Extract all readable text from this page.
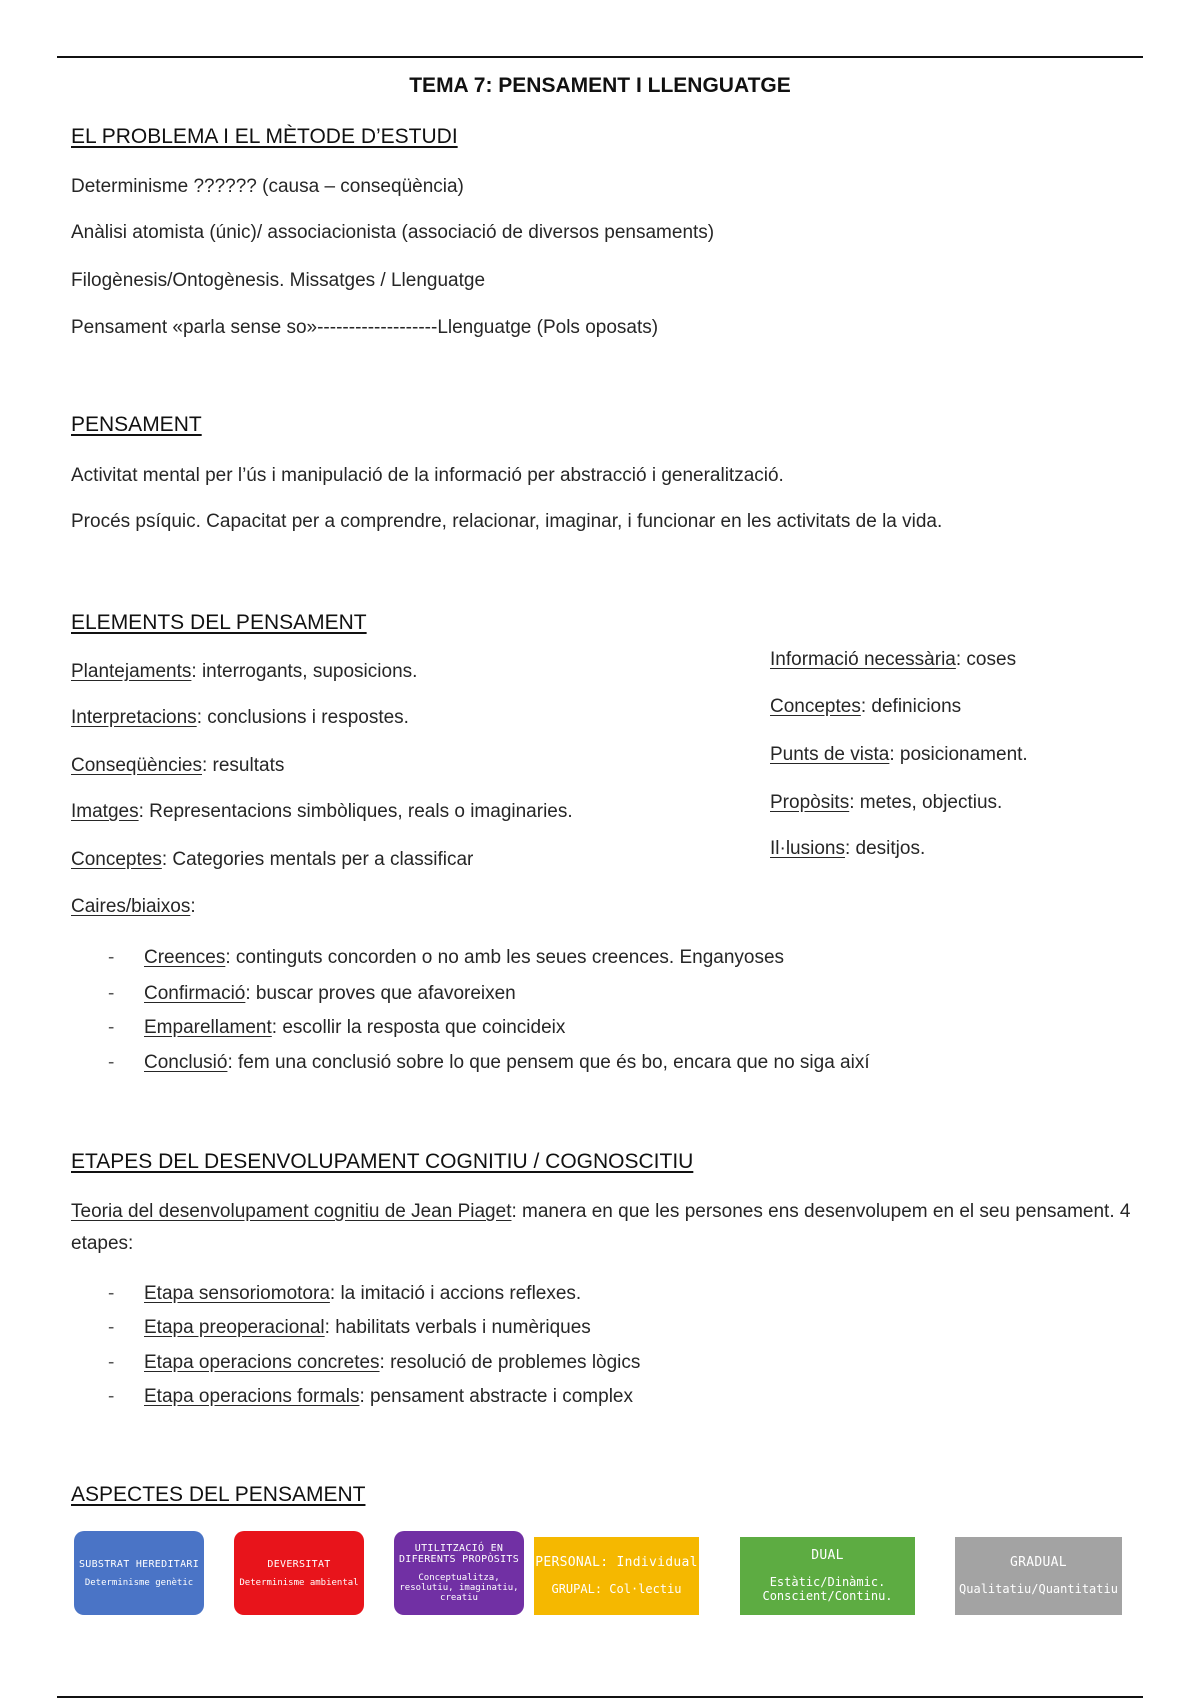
TEMA 7: PENSAMENT I LLENGUATGE
EL PROBLEMA I EL MÈTODE D’ESTUDI
Determinisme ?????? (causa – conseqüència)
Anàlisi atomista (únic)/ associacionista (associació de diversos pensaments)
Filogènesis/Ontogènesis. Missatges / Llenguatge
Pensament «parla sense so»-------------------Llenguatge (Pols oposats)
PENSAMENT
Activitat mental per l’ús i manipulació de la informació per abstracció i generalització.
Procés psíquic. Capacitat per a comprendre, relacionar, imaginar, i funcionar en les activitats de la vida.
ELEMENTS DEL PENSAMENT
Plantejaments: interrogants, suposicions.
Interpretacions: conclusions i respostes.
Conseqüències: resultats
Imatges: Representacions simbòliques, reals o imaginaries.
Conceptes: Categories mentals per a classificar
Caires/biaixos:
Informació necessària: coses
Conceptes: definicions
Punts de vista: posicionament.
Propòsits: metes, objectius.
Il·lusions: desitjos.
- Creences: continguts concorden o no amb les seues creences. Enganyoses
- Confirmació: buscar proves que afavoreixen
- Emparellament: escollir la resposta que coincideix
- Conclusió: fem una conclusió sobre lo que pensem que és bo, encara que no siga així
ETAPES DEL DESENVOLUPAMENT COGNITIU / COGNOSCITIU
Teoria del desenvolupament cognitiu de Jean Piaget: manera en que les persones ens desenvolupem en el seu pensament. 4 etapes:
- Etapa sensoriomotora: la imitació i accions reflexes.
- Etapa preoperacional: habilitats verbals i numèriques
- Etapa operacions concretes: resolució de problemes lògics
- Etapa operacions formals: pensament abstracte i complex
ASPECTES DEL PENSAMENT
SUBSTRAT HEREDITARI
Determinisme genètic
DEVERSITAT
Determinisme ambiental
UTILITZACIÓ EN DIFERENTS PROPÒSITS
Conceptualitza, resolutiu, imaginatiu, creatiu
PERSONAL: Individual
GRUPAL: Col·lectiu
DUAL
Estàtic/Dinàmic. Conscient/Continu.
GRADUAL
Qualitatiu/Quantitatiu
